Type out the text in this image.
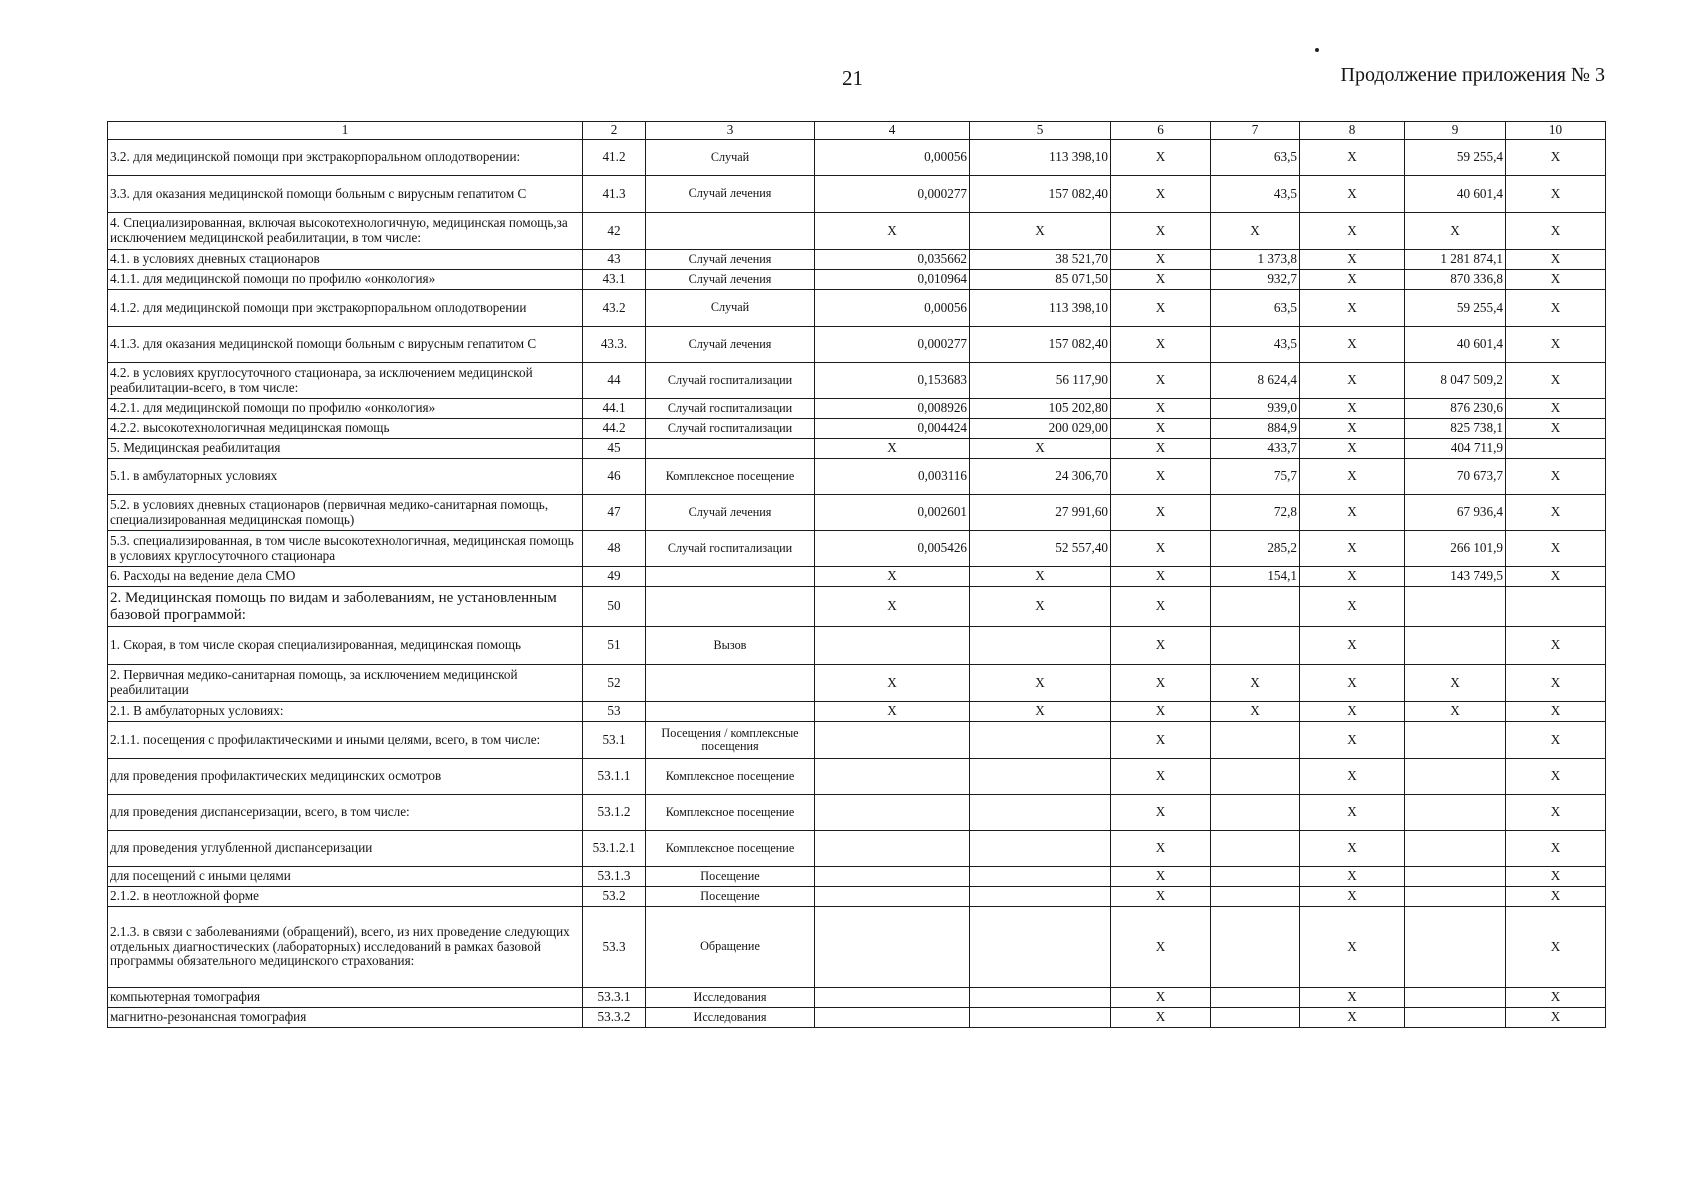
21	Продолжение приложения № 3
1	2	3	4	5	6	7	8	9	10
3.2. для медицинской помощи при экстракорпоральном оплодотворении:	41.2	Случай	0,00056	113 398,10	X	63,5	X	59 255,4	X
3.3. для оказания медицинской помощи больным с вирусным гепатитом С	41.3	Случай лечения	0,000277	157 082,40	X	43,5	X	40 601,4	X
4. Специализированная, включая высокотехнологичную, медицинская помощь,за исключением медицинской реабилитации, в том числе:	42		X	X	X	X	X	X	X
4.1. в условиях дневных стационаров	43	Случай лечения	0,035662	38 521,70	X	1 373,8	X	1 281 874,1	X
4.1.1. для медицинской помощи по профилю «онкология»	43.1	Случай лечения	0,010964	85 071,50	X	932,7	X	870 336,8	X
4.1.2. для медицинской помощи при экстракорпоральном оплодотворении	43.2	Случай	0,00056	113 398,10	X	63,5	X	59 255,4	X
4.1.3. для оказания медицинской помощи больным с вирусным гепатитом С	43.3.	Случай лечения	0,000277	157 082,40	X	43,5	X	40 601,4	X
4.2. в условиях круглосуточного стационара, за исключением медицинской реабилитации-всего, в том числе:	44	Случай госпитализации	0,153683	56 117,90	X	8 624,4	X	8 047 509,2	X
4.2.1. для медицинской помощи по профилю «онкология»	44.1	Случай госпитализации	0,008926	105 202,80	X	939,0	X	876 230,6	X
4.2.2. высокотехнологичная медицинская помощь	44.2	Случай госпитализации	0,004424	200 029,00	X	884,9	X	825 738,1	X
5. Медицинская реабилитация	45		X	X	X	433,7	X	404 711,9	
5.1. в амбулаторных условиях	46	Комплексное посещение	0,003116	24 306,70	X	75,7	X	70 673,7	X
5.2. в условиях дневных стационаров (первичная медико-санитарная помощь, специализированная медицинская помощь)	47	Случай лечения	0,002601	27 991,60	X	72,8	X	67 936,4	X
5.3. специализированная, в том числе высокотехнологичная, медицинская помощь в условиях круглосуточного стационара	48	Случай госпитализации	0,005426	52 557,40	X	285,2	X	266 101,9	X
6. Расходы на ведение дела СМО	49		X	X	X	154,1	X	143 749,5	X
2. Медицинская помощь по видам и заболеваниям, не установленным базовой программой:	50		X	X	X		X		
1. Скорая, в том числе скорая специализированная, медицинская помощь	51	Вызов			X		X		X
2. Первичная медико-санитарная помощь, за исключением медицинской реабилитации	52		X	X	X	X	X	X	X
2.1. В амбулаторных условиях:	53		X	X	X	X	X	X	X
2.1.1. посещения с профилактическими и иными целями, всего, в том числе:	53.1	Посещения / комплексные посещения			X		X		X
для проведения профилактических медицинских осмотров	53.1.1	Комплексное посещение			X		X		X
для проведения диспансеризации, всего, в том числе:	53.1.2	Комплексное посещение			X		X		X
для проведения углубленной диспансеризации	53.1.2.1	Комплексное посещение			X		X		X
для посещений с иными целями	53.1.3	Посещение			X		X		X
2.1.2. в неотложной форме	53.2	Посещение			X		X		X
2.1.3. в связи с заболеваниями (обращений), всего, из них проведение следующих отдельных диагностических (лабораторных) исследований в рамках базовой программы обязательного медицинского страхования:	53.3	Обращение			X		X		X
компьютерная томография	53.3.1	Исследования			X		X		X
магнитно-резонансная томография	53.3.2	Исследования			X		X		X
